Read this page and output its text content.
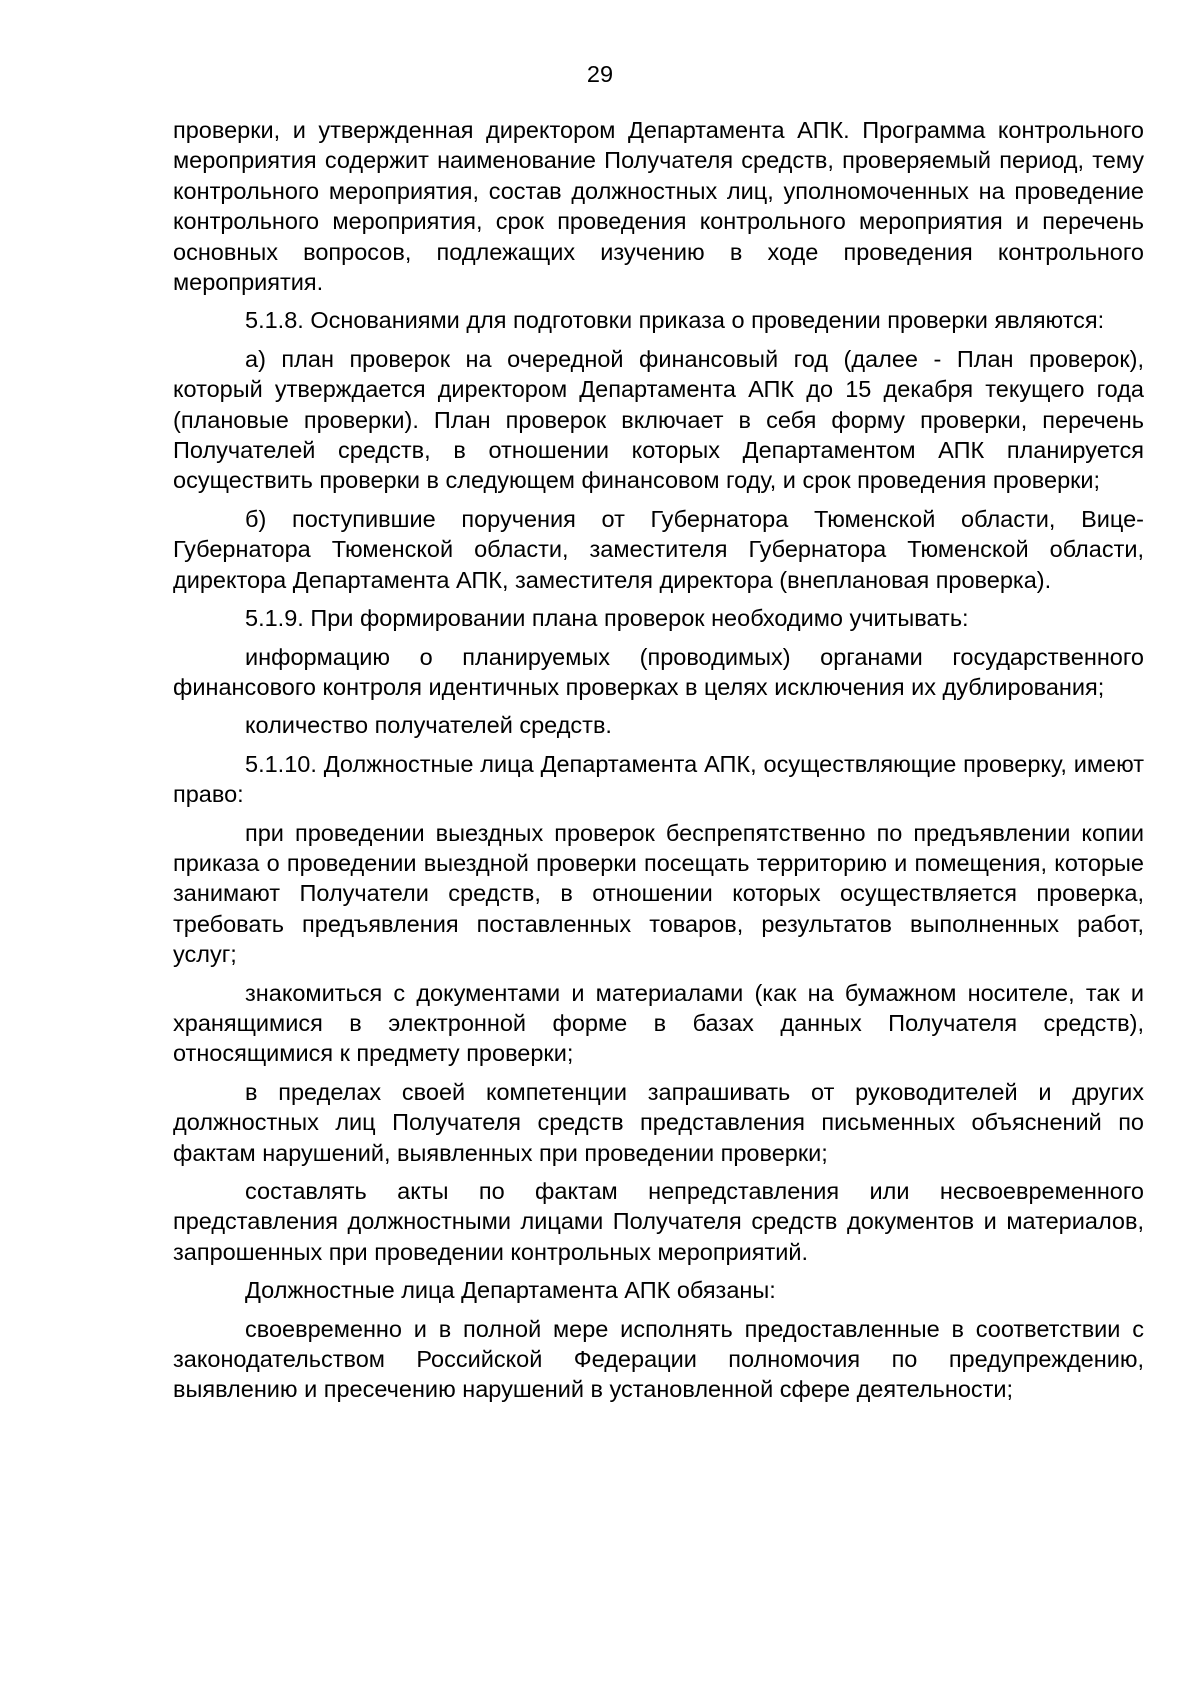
29

проверки, и утвержденная директором Департамента АПК. Программа контрольного мероприятия содержит наименование Получателя средств, проверяемый период, тему контрольного мероприятия, состав должностных лиц, уполномоченных на проведение контрольного мероприятия, срок проведения контрольного мероприятия и перечень основных вопросов, подлежащих изучению в ходе проведения контрольного мероприятия.

5.1.8. Основаниями для подготовки приказа о проведении проверки являются:

а) план проверок на очередной финансовый год (далее - План проверок), который утверждается директором Департамента АПК до 15 декабря текущего года (плановые проверки). План проверок включает в себя форму проверки, перечень Получателей средств, в отношении которых Департаментом АПК планируется осуществить проверки в следующем финансовом году, и срок проведения проверки;

б) поступившие поручения от Губернатора Тюменской области, Вице-Губернатора Тюменской области, заместителя Губернатора Тюменской области, директора Департамента АПК, заместителя директора (внеплановая проверка).

5.1.9. При формировании плана проверок необходимо учитывать:

информацию о планируемых (проводимых) органами государственного финансового контроля идентичных проверках в целях исключения их дублирования;

количество получателей средств.

5.1.10. Должностные лица Департамента АПК, осуществляющие проверку, имеют право:

при проведении выездных проверок беспрепятственно по предъявлении копии приказа о проведении выездной проверки посещать территорию и помещения, которые занимают Получатели средств, в отношении которых осуществляется проверка, требовать предъявления поставленных товаров, результатов выполненных работ, услуг;

знакомиться с документами и материалами (как на бумажном носителе, так и хранящимися в электронной форме в базах данных Получателя средств), относящимися к предмету проверки;

в пределах своей компетенции запрашивать от руководителей и других должностных лиц Получателя средств представления письменных объяснений по фактам нарушений, выявленных при проведении проверки;

составлять акты по фактам непредставления или несвоевременного представления должностными лицами Получателя средств документов и материалов, запрошенных при проведении контрольных мероприятий.

Должностные лица Департамента АПК обязаны:

своевременно и в полной мере исполнять предоставленные в соответствии с законодательством Российской Федерации полномочия по предупреждению, выявлению и пресечению нарушений в установленной сфере деятельности;
